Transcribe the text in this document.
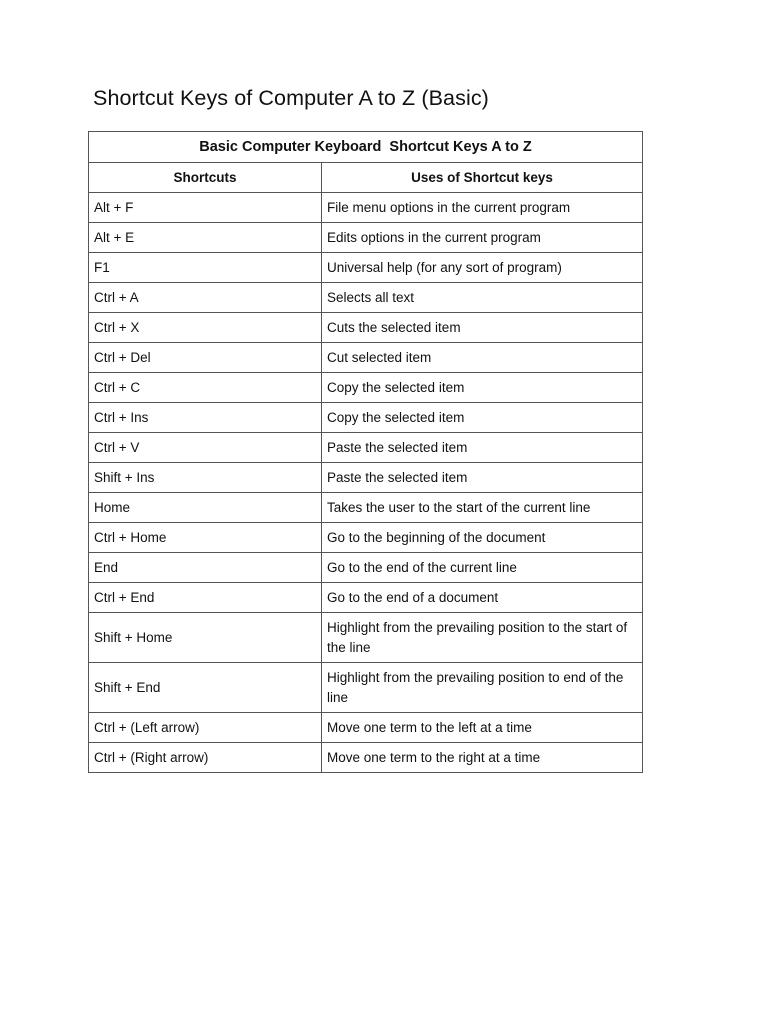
Shortcut Keys of Computer A to Z (Basic)
Basic Computer Keyboard  Shortcut Keys A to Z	
Shortcuts	Uses of Shortcut keys
Alt + F	File menu options in the current program
Alt + E	Edits options in the current program
F1	Universal help (for any sort of program)
Ctrl + A	Selects all text
Ctrl + X	Cuts the selected item
Ctrl + Del	Cut selected item
Ctrl + C	Copy the selected item
Ctrl + Ins	Copy the selected item
Ctrl + V	Paste the selected item
Shift + Ins	Paste the selected item
Home	Takes the user to the start of the current line
Ctrl + Home	Go to the beginning of the document
End	Go to the end of the current line
Ctrl + End	Go to the end of a document
Shift + Home	Highlight from the prevailing position to the start of the line
Shift + End	Highlight from the prevailing position to end of the line
Ctrl + (Left arrow)	Move one term to the left at a time
Ctrl + (Right arrow)	Move one term to the right at a time
